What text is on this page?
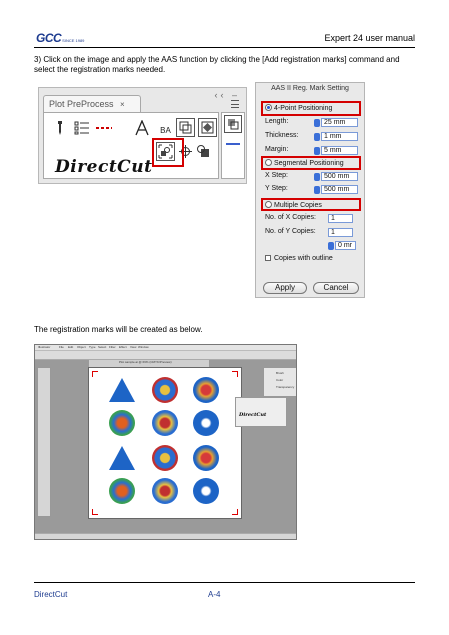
GCC SINCE 1989	Expert 24 user manual
3) Click on the image and apply the AAS function by clicking the [Add registration marks] command and select the registration marks needed.
Plot PreProcess ×
‹‹ –
BA
DirectCut
AAS II Reg. Mark Setting
4-Point Positioning
Length:	25 mm
Thickness:	1 mm
Margin:	5 mm
Segmental Positioning
X Step:	500 mm
Y Step:	500 mm
Multiple Copies
No. of X Copies:	1
No. of Y Copies:	1
0 mr
Copies with outline
Apply	Cancel
The registration marks will be created as below.
Illustrator	File Edit Object Type Select Filter Effect View Window
Plot sample.ai @ 66% (CMYK/Preview)
Brush
Color
Transparency
DirectCut
DirectCut	A-4
